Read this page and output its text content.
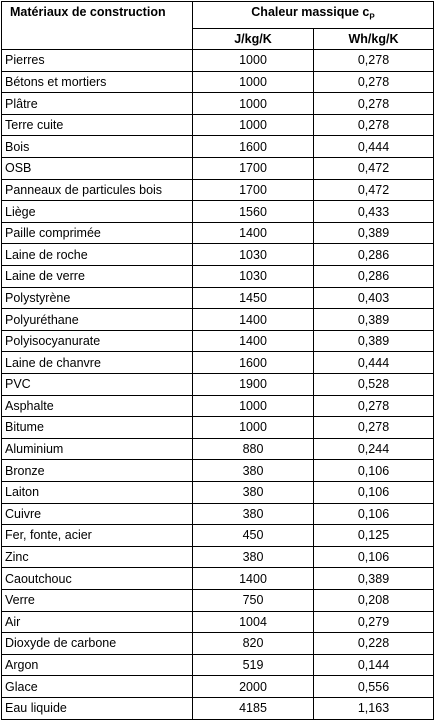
Matériaux de construction	Chaleur massique $c_P$
	J/kg/K	Wh/kg/K
Pierres	1000	0,278
Bétons et mortiers	1000	0,278
Plâtre	1000	0,278
Terre cuite	1000	0,278
Bois	1600	0,444
OSB	1700	0,472
Panneaux de particules bois	1700	0,472
Liège	1560	0,433
Paille comprimée	1400	0,389
Laine de roche	1030	0,286
Laine de verre	1030	0,286
Polystyrène	1450	0,403
Polyuréthane	1400	0,389
Polyisocyanurate	1400	0,389
Laine de chanvre	1600	0,444
PVC	1900	0,528
Asphalte	1000	0,278
Bitume	1000	0,278
Aluminium	880	0,244
Bronze	380	0,106
Laiton	380	0,106
Cuivre	380	0,106
Fer, fonte, acier	450	0,125
Zinc	380	0,106
Caoutchouc	1400	0,389
Verre	750	0,208
Air	1004	0,279
Dioxyde de carbone	820	0,228
Argon	519	0,144
Glace	2000	0,556
Eau liquide	4185	1,163
